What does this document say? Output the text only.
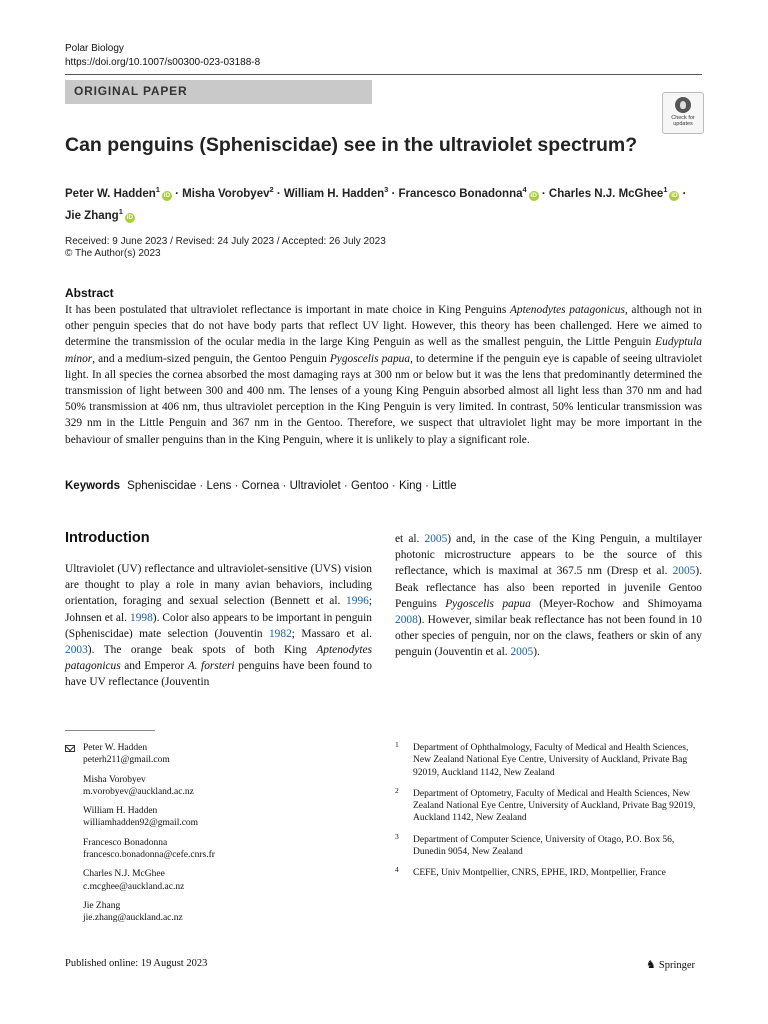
Polar Biology
https://doi.org/10.1007/s00300-023-03188-8
ORIGINAL PAPER
Check for updates
Can penguins (Spheniscidae) see in the ultraviolet spectrum?
Peter W. Hadden$^1$iD · Misha Vorobyev$^2$ · William H. Hadden$^3$ · Francesco Bonadonna$^4$iD · Charles N.J. McGhee$^1$iD ·
Jie Zhang$^1$iD
Received: 9 June 2023 / Revised: 24 July 2023 / Accepted: 26 July 2023
© The Author(s) 2023
Abstract
It has been postulated that ultraviolet reflectance is important in mate choice in King Penguins Aptenodytes patagonicus, although not in other penguin species that do not have body parts that reflect UV light. However, this theory has been challenged. Here we aimed to determine the transmission of the ocular media in the large King Penguin as well as the smallest penguin, the Little Penguin Eudyptula minor, and a medium-sized penguin, the Gentoo Penguin Pygoscelis papua, to determine if the penguin eye is capable of seeing ultraviolet light. In all species the cornea absorbed the most damaging rays at 300 nm or below but it was the lens that predominantly determined the transmission of light between 300 and 400 nm. The lenses of a young King Penguin absorbed almost all light less than 370 nm and had 50% transmission at 406 nm, thus ultraviolet perception in the King Penguin is very limited. In contrast, 50% lenticular transmission was 329 nm in the Little Penguin and 367 nm in the Gentoo. Therefore, we suspect that ultraviolet light may be more important in the behaviour of smaller penguins than in the King Penguin, where it is unlikely to play a significant role.
Keywords Spheniscidae · Lens · Cornea · Ultraviolet · Gentoo · King · Little
Introduction
Ultraviolet (UV) reflectance and ultraviolet-sensitive (UVS) vision are thought to play a role in many avian behaviors, including orientation, foraging and sexual selection (Bennett et al. 1996; Johnsen et al. 1998). Color also appears to be important in penguin (Spheniscidae) mate selection (Jouventin 1982; Massaro et al. 2003). The orange beak spots of both King Aptenodytes patagonicus and Emperor A. forsteri penguins have been found to have UV reflectance (Jouventin
et al. 2005) and, in the case of the King Penguin, a multilayer photonic microstructure appears to be the source of this reflectance, which is maximal at 367.5 nm (Dresp et al. 2005). Beak reflectance has also been reported in juvenile Gentoo Penguins Pygoscelis papua (Meyer-Rochow and Shimoyama 2008). However, similar beak reflectance has not been found in 10 other species of penguin, nor on the claws, feathers or skin of any penguin (Jouventin et al. 2005).
Peter W. Hadden
peterh211@gmail.com
Misha Vorobyev
m.vorobyev@auckland.ac.nz
William H. Hadden
williamhadden92@gmail.com
Francesco Bonadonna
francesco.bonadonna@cefe.cnrs.fr
Charles N.J. McGhee
c.mcghee@auckland.ac.nz
Jie Zhang
jie.zhang@auckland.ac.nz
1 Department of Ophthalmology, Faculty of Medical and Health Sciences, New Zealand National Eye Centre, University of Auckland, Private Bag 92019, Auckland 1142, New Zealand
2 Department of Optometry, Faculty of Medical and Health Sciences, New Zealand National Eye Centre, University of Auckland, Private Bag 92019, Auckland 1142, New Zealand
3 Department of Computer Science, University of Otago, P.O. Box 56, Dunedin 9054, New Zealand
4 CEFE, Univ Montpellier, CNRS, EPHE, IRD, Montpellier, France
Published online: 19 August 2023	♞ Springer
